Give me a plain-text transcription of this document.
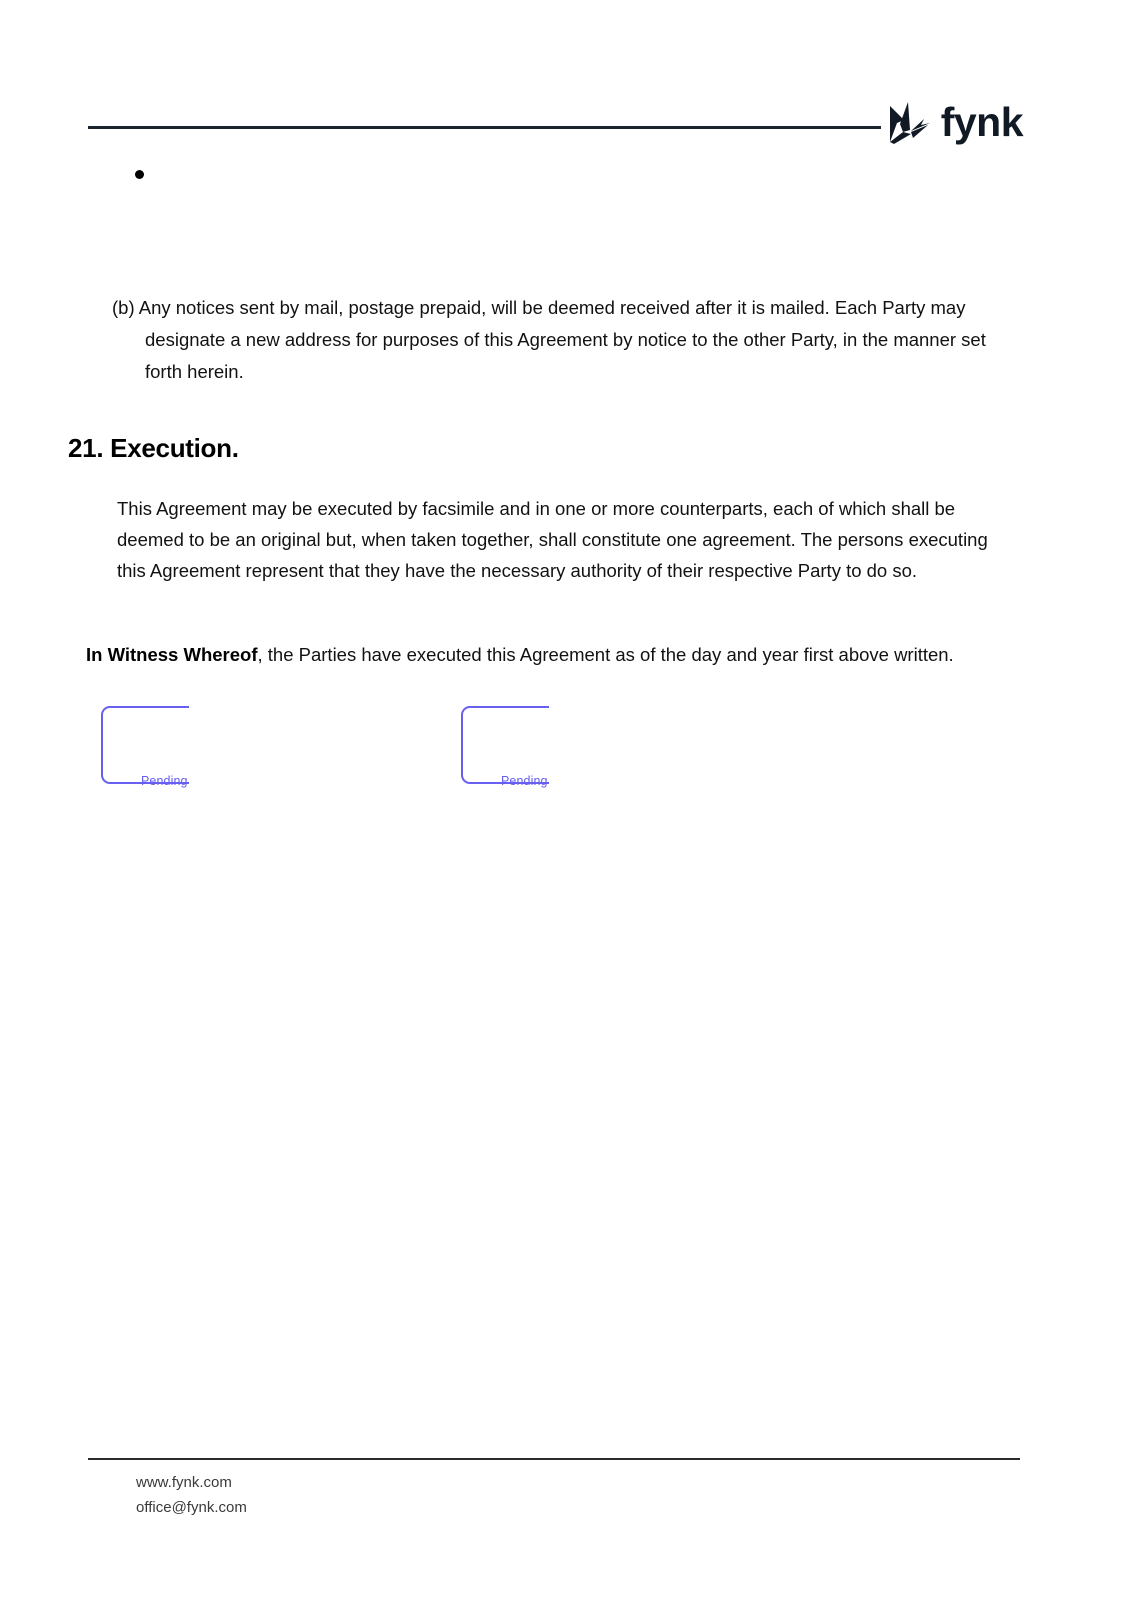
fynk

(b) Any notices sent by mail, postage prepaid, will be deemed received after it is mailed. Each Party may designate a new address for purposes of this Agreement by notice to the other Party, in the manner set forth herein.

21. Execution.

This Agreement may be executed by facsimile and in one or more counterparts, each of which shall be deemed to be an original but, when taken together, shall constitute one agreement. The persons executing this Agreement represent that they have the necessary authority of their respective Party to do so.

In Witness Whereof, the Parties have executed this Agreement as of the day and year first above written.

Pending	Pending
www.fynk.com
office@fynk.com
